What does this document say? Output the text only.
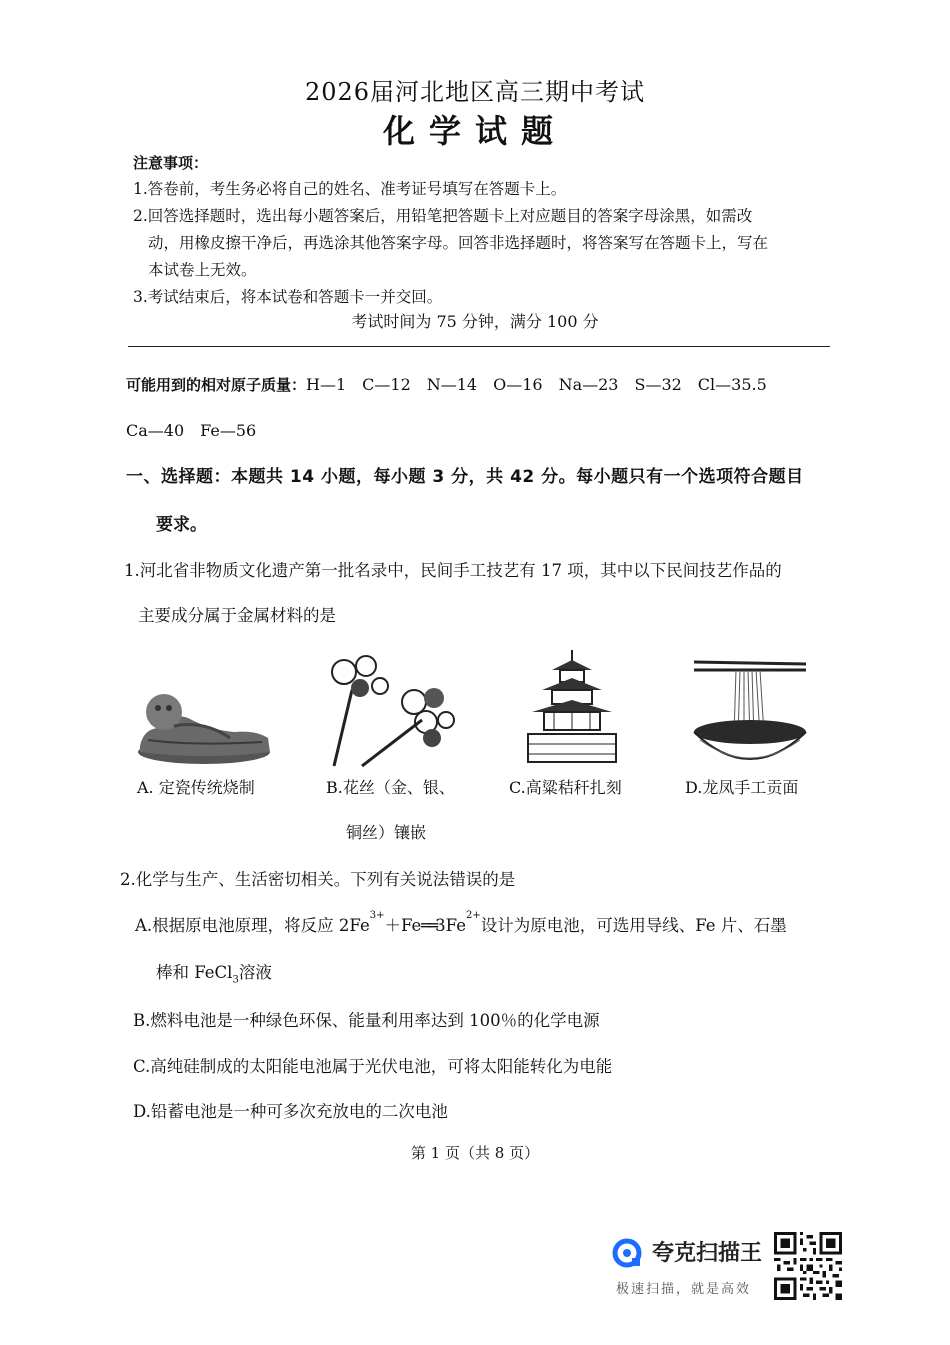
2026届河北地区高三期中考试
化学试题
注意事项：
1.答卷前，考生务必将自己的姓名、准考证号填写在答题卡上。
2.回答选择题时，选出每小题答案后，用铅笔把答题卡上对应题目的答案字母涂黑，如需改
动，用橡皮擦干净后，再选涂其他答案字母。回答非选择题时，将答案写在答题卡上，写在
本试卷上无效。
3.考试结束后，将本试卷和答题卡一并交回。
考试时间为 75 分钟，满分 100 分
可能用到的相对原子质量：H—1　C—12　N—14　O—16　Na—23　S—32　Cl—35.5
Ca—40　Fe—56
一、选择题：本题共 14 小题，每小题 3 分，共 42 分。每小题只有一个选项符合题目
要求。
1.河北省非物质文化遗产第一批名录中，民间手工技艺有 17 项，其中以下民间技艺作品的
主要成分属于金属材料的是
A. 定瓷传统烧制	B.花丝（金、银、
铜丝）镶嵌
C.高粱秸秆扎刻	D.龙凤手工贡面
2.化学与生产、生活密切相关。下列有关说法错误的是
A.根据原电池原理，将反应 $2Fe^{3+}+Fe══3Fe^{2+}$设计为原电池，可选用导线、Fe 片、石墨
棒和 FeCl$_3$溶液
B.燃料电池是一种绿色环保、能量利用率达到 100％的化学电源
C.高纯硅制成的太阳能电池属于光伏电池，可将太阳能转化为电能
D.铅蓄电池是一种可多次充放电的二次电池
第 1 页（共 8 页）
夸克扫描王
极速扫描，就是高效
